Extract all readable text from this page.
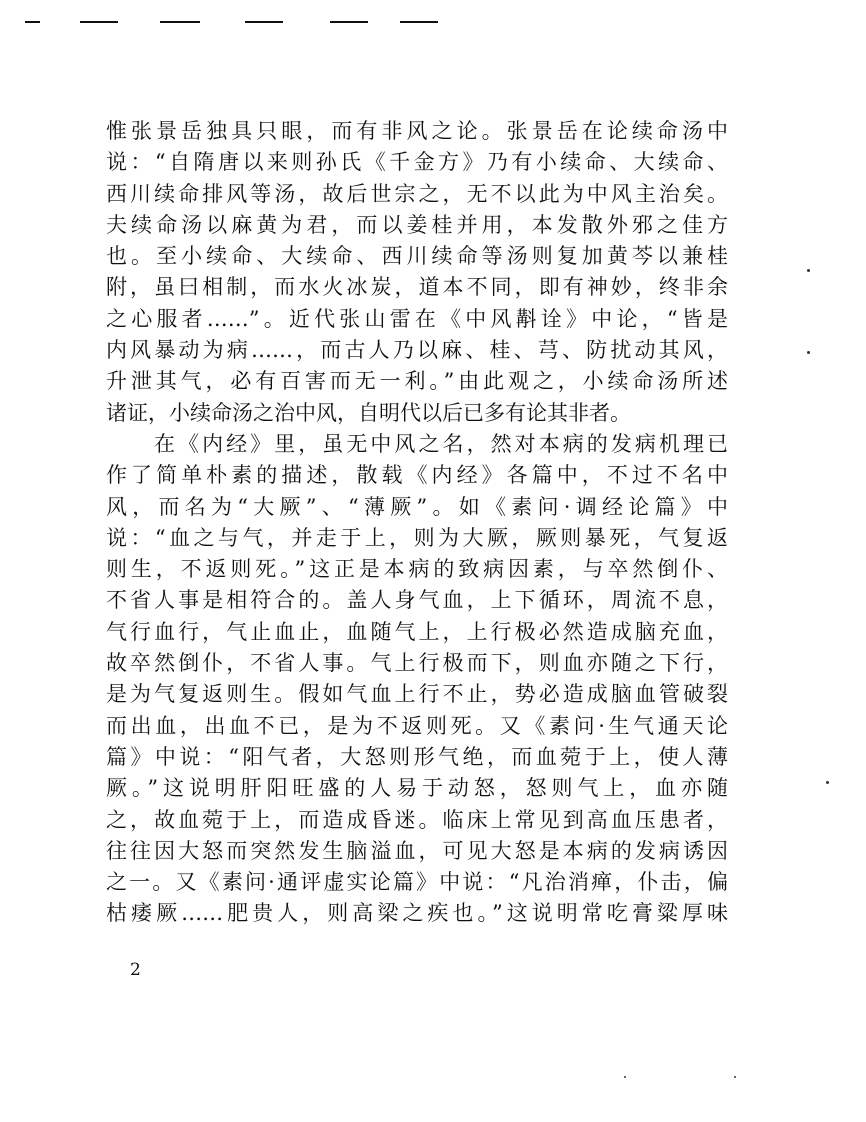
惟张景岳独具只眼，而有非风之论。张景岳在论续命汤中
说：“自隋唐以来则孙氏《千金方》乃有小续命、大续命、
西川续命排风等汤，故后世宗之，无不以此为中风主治矣。
夫续命汤以麻黄为君，而以姜桂并用，本发散外邪之佳方
也。至小续命、大续命、西川续命等汤则复加黄芩以兼桂
附，虽曰相制，而水火冰炭，道本不同，即有神妙，终非余
之心服者……”。近代张山雷在《中风斠诠》中论，“皆是
内风暴动为病……，而古人乃以麻、桂、芎、防扰动其风，
升泄其气，必有百害而无一利。”由此观之，小续命汤所述
诸证，小续命汤之治中风，自明代以后已多有论其非者。
在《内经》里，虽无中风之名，然对本病的发病机理已
作了简单朴素的描述，散载《内经》各篇中，不过不名中
风，而名为“大厥”、“薄厥”。如《素问·调经论篇》中
说：“血之与气，并走于上，则为大厥，厥则暴死，气复返
则生，不返则死。”这正是本病的致病因素，与卒然倒仆、
不省人事是相符合的。盖人身气血，上下循环，周流不息，
气行血行，气止血止，血随气上，上行极必然造成脑充血，
故卒然倒仆，不省人事。气上行极而下，则血亦随之下行，
是为气复返则生。假如气血上行不止，势必造成脑血管破裂
而出血，出血不已，是为不返则死。又《素问·生气通天论
篇》中说：“阳气者，大怒则形气绝，而血菀于上，使人薄
厥。”这说明肝阳旺盛的人易于动怒，怒则气上，血亦随
之，故血菀于上，而造成昏迷。临床上常见到高血压患者，
往往因大怒而突然发生脑溢血，可见大怒是本病的发病诱因
之一。又《素问·通评虚实论篇》中说：“凡治消瘅，仆击，偏
枯痿厥……肥贵人，则高梁之疾也。”这说明常吃膏粱厚味
2
